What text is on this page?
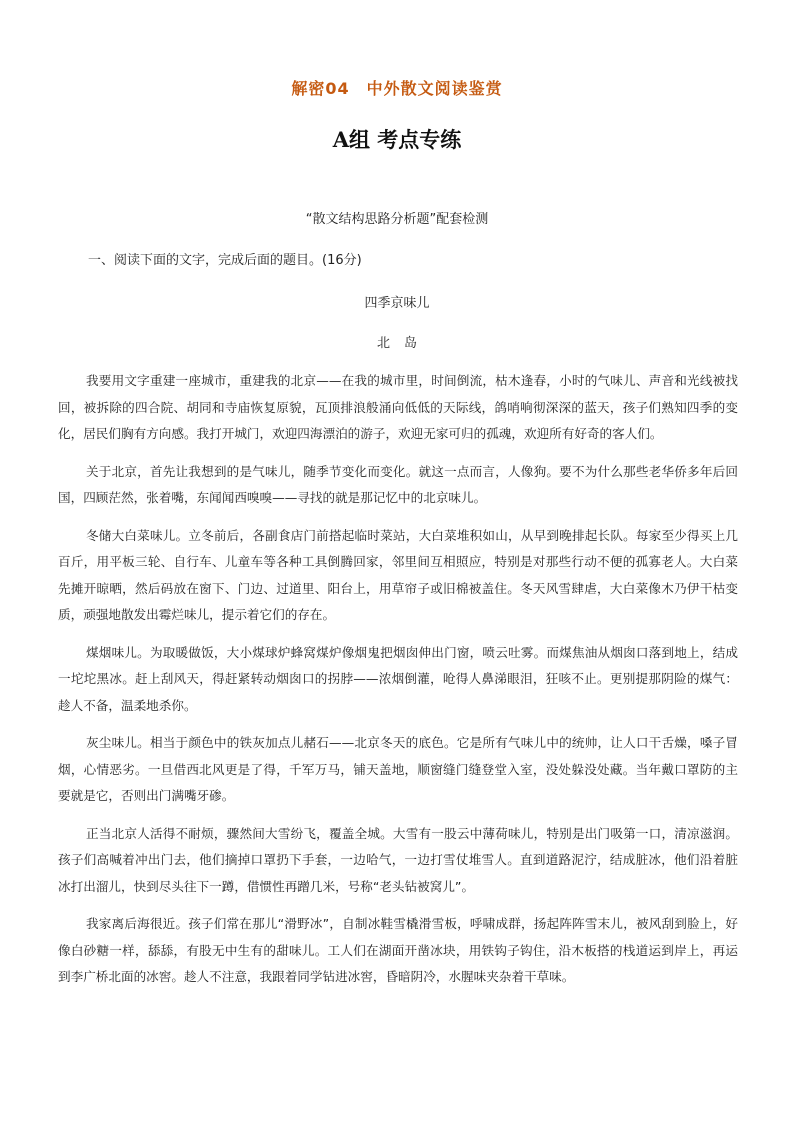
解密04　中外散文阅读鉴赏
A组 考点专练
“散文结构思路分析题”配套检测
一、阅读下面的文字，完成后面的题目。(16分)
四季京味儿
北岛

我要用文字重建一座城市，重建我的北京——在我的城市里，时间倒流，枯木逢春，小时的气味儿、声音和光线被找回，被拆除的四合院、胡同和寺庙恢复原貌，瓦顶排浪般涌向低低的天际线，鸽哨响彻深深的蓝天，孩子们熟知四季的变化，居民们胸有方向感。我打开城门，欢迎四海漂泊的游子，欢迎无家可归的孤魂，欢迎所有好奇的客人们。

关于北京，首先让我想到的是气味儿，随季节变化而变化。就这一点而言，人像狗。要不为什么那些老华侨多年后回国，四顾茫然，张着嘴，东闻闻西嗅嗅——寻找的就是那记忆中的北京味儿。

冬储大白菜味儿。立冬前后，各副食店门前搭起临时菜站，大白菜堆积如山，从早到晚排起长队。每家至少得买上几百斤，用平板三轮、自行车、儿童车等各种工具倒腾回家，邻里间互相照应，特别是对那些行动不便的孤寡老人。大白菜先摊开晾晒，然后码放在窗下、门边、过道里、阳台上，用草帘子或旧棉被盖住。冬天风雪肆虐，大白菜像木乃伊干枯变质，顽强地散发出霉烂味儿，提示着它们的存在。

煤烟味儿。为取暖做饭，大小煤球炉蜂窝煤炉像烟鬼把烟囱伸出门窗，喷云吐雾。而煤焦油从烟囱口落到地上，结成一坨坨黑冰。赶上刮风天，得赶紧转动烟囱口的拐脖——浓烟倒灌，呛得人鼻涕眼泪，狂咳不止。更别提那阴险的煤气：趁人不备，温柔地杀你。

灰尘味儿。相当于颜色中的铁灰加点儿赭石——北京冬天的底色。它是所有气味儿中的统帅，让人口干舌燥，嗓子冒烟，心情恶劣。一旦借西北风更是了得，千军万马，铺天盖地，顺窗缝门缝登堂入室，没处躲没处藏。当年戴口罩防的主要就是它，否则出门满嘴牙碜。

正当北京人活得不耐烦，骤然间大雪纷飞，覆盖全城。大雪有一股云中薄荷味儿，特别是出门吸第一口，清凉滋润。孩子们高喊着冲出门去，他们摘掉口罩扔下手套，一边哈气，一边打雪仗堆雪人。直到道路泥泞，结成脏冰，他们沿着脏冰打出溜儿，快到尽头往下一蹲，借惯性再蹭几米，号称“老头钻被窝儿”。

我家离后海很近。孩子们常在那儿“滑野冰”，自制冰鞋雪橇滑雪板，呼啸成群，扬起阵阵雪末儿，被风刮到脸上，好像白砂糖一样，舔舔，有股无中生有的甜味儿。工人们在湖面开凿冰块，用铁钩子钩住，沿木板搭的栈道运到岸上，再运到李广桥北面的冰窖。趁人不注意，我跟着同学钻进冰窖，昏暗阴冷，水腥味夹杂着干草味。
